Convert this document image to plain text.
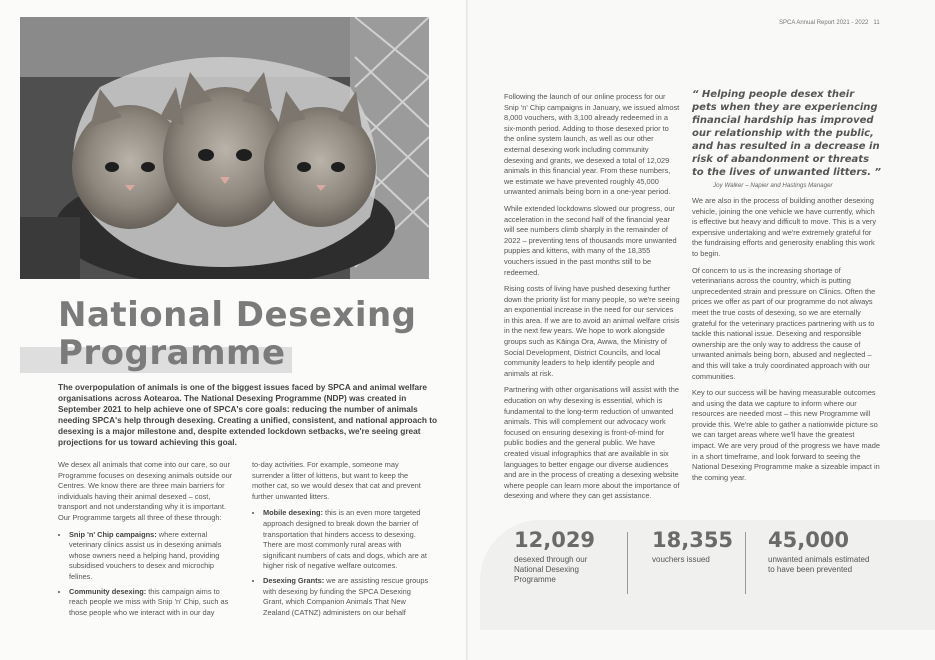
National Desexing
Programme
The overpopulation of animals is one of the biggest issues faced by SPCA and animal welfare organisations across Aotearoa. The National Desexing Programme (NDP) was created in September 2021 to help achieve one of SPCA's core goals: reducing the number of animals needing SPCA's help through desexing. Creating a unified, consistent, and national approach to desexing is a major milestone and, despite extended lockdown setbacks, we're seeing great projections for us toward achieving this goal.

We desex all animals that come into our care, so our Programme focuses on desexing animals outside our Centres. We know there are three main barriers for individuals having their animal desexed – cost, transport and not understanding why it is important. Our Programme targets all three of these through:

• Snip 'n' Chip campaigns: where external veterinary clinics assist us in desexing animals whose owners need a helping hand, providing subsidised vouchers to desex and microchip felines.
• Community desexing: this campaign aims to reach people we miss with Snip 'n' Chip, such as those people who we interact with in our day

to-day activities. For example, someone may surrender a litter of kittens, but want to keep the mother cat, so we would desex that cat and prevent further unwanted litters.

• Mobile desexing: this is an even more targeted approach designed to break down the barrier of transportation that hinders access to desexing. There are most commonly rural areas with significant numbers of cats and dogs, which are at higher risk of negative welfare outcomes.
• Desexing Grants: we are assisting rescue groups with desexing by funding the SPCA Desexing Grant, which Companion Animals That New Zealand (CATNZ) administers on our behalf
SPCA Annual Report 2021 - 2022 11

Following the launch of our online process for our Snip 'n' Chip campaigns in January, we issued almost 8,000 vouchers, with 3,100 already redeemed in a six-month period. Adding to those desexed prior to the online system launch, as well as our other external desexing work including community desexing and grants, we desexed a total of 12,029 animals in this financial year. From these numbers, we estimate we have prevented roughly 45,000 unwanted animals being born in a one-year period.

While extended lockdowns slowed our progress, our acceleration in the second half of the financial year will see numbers climb sharply in the remainder of 2022 – preventing tens of thousands more unwanted puppies and kittens, with many of the 18,355 vouchers issued in the past months still to be redeemed.

Rising costs of living have pushed desexing further down the priority list for many people, so we're seeing an exponential increase in the need for our services in this area. If we are to avoid an animal welfare crisis in the next few years. We hope to work alongside groups such as Kāinga Ora, Awwa, the Ministry of Social Development, District Councils, and local community leaders to help identify people and animals at risk.

Partnering with other organisations will assist with the education on why desexing is essential, which is fundamental to the long-term reduction of unwanted animals. This will complement our advocacy work focused on ensuring desexing is front-of-mind for public bodies and the general public. We have created visual infographics that are available in six languages to better engage our diverse audiences and are in the process of creating a desexing website where people can learn more about the importance of desexing and where they can get assistance.

“ Helping people desex their pets when they are experiencing financial hardship has improved our relationship with the public, and has resulted in a decrease in risk of abandonment or threats to the lives of unwanted litters. ”
Joy Walker – Napier and Hastings Manager

We are also in the process of building another desexing vehicle, joining the one vehicle we have currently, which is effective but heavy and difficult to move. This is a very expensive undertaking and we're extremely grateful for the fundraising efforts and generosity enabling this work to begin.

Of concern to us is the increasing shortage of veterinarians across the country, which is putting unprecedented strain and pressure on Clinics. Often the prices we offer as part of our programme do not always meet the true costs of desexing, so we are eternally grateful for the veterinary practices partnering with us to tackle this national issue. Desexing and responsible ownership are the only way to address the cause of unwanted animals being born, abused and neglected – and this will take a truly coordinated approach with our communities.

Key to our success will be having measurable outcomes and using the data we capture to inform where our resources are needed most – this new Programme will provide this. We're able to gather a nationwide picture so we can target areas where we'll have the greatest impact. We are very proud of the progress we have made in a short timeframe, and look forward to seeing the National Desexing Programme make a sizeable impact in the coming year.

12,029
desexed through our National Desexing Programme
18,355
vouchers issued
45,000
unwanted animals estimated to have been prevented
